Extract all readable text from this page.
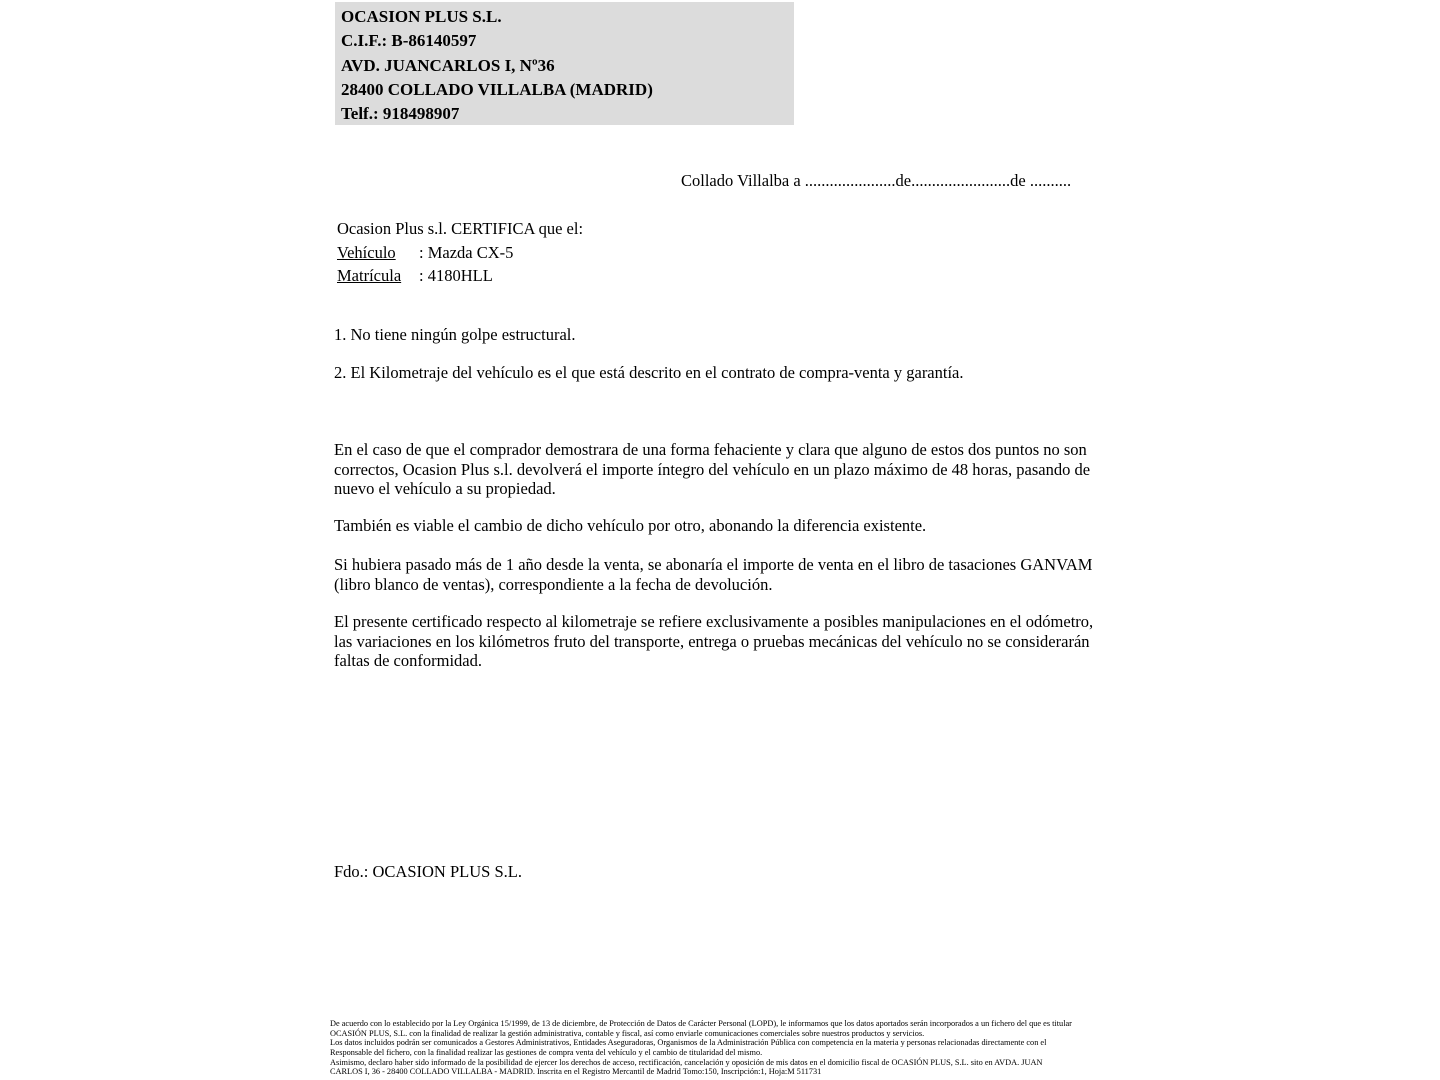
OCASION PLUS S.L.
C.I.F.: B-86140597
AVD. JUANCARLOS I, Nº36
28400 COLLADO VILLALBA (MADRID)
Telf.: 918498907
Collado Villalba a ......................de........................de ..........
Ocasion Plus s.l. CERTIFICA que el:
Vehículo : Mazda CX-5
Matrícula : 4180HLL
1. No tiene ningún golpe estructural.
2. El Kilometraje del vehículo es el que está descrito en el contrato de compra-venta y garantía.
En el caso de que el comprador demostrara de una forma fehaciente y clara que alguno de estos dos puntos no son correctos, Ocasion Plus s.l. devolverá el importe íntegro del vehículo en un plazo máximo de 48 horas, pasando de nuevo el vehículo a su propiedad.
También es viable el cambio de dicho vehículo por otro, abonando la diferencia existente.
Si hubiera pasado más de 1 año desde la venta, se abonaría el importe de venta en el libro de tasaciones GANVAM (libro blanco de ventas), correspondiente a la fecha de devolución.
El presente certificado respecto al kilometraje se refiere exclusivamente a posibles manipulaciones en el odómetro, las variaciones en los kilómetros fruto del transporte, entrega o pruebas mecánicas del vehículo no se considerarán faltas de conformidad.
Fdo.: OCASION PLUS S.L.
De acuerdo con lo establecido por la Ley Orgánica 15/1999, de 13 de diciembre, de Protección de Datos de Carácter Personal (LOPD), le informamos que los datos aportados serán incorporados a un fichero del que es titular
OCASIÓN PLUS, S.L. con la finalidad de realizar la gestión administrativa, contable y fiscal, así como enviarle comunicaciones comerciales sobre nuestros productos y servicios.
Los datos incluidos podrán ser comunicados a Gestores Administrativos, Entidades Aseguradoras, Organismos de la Administración Pública con competencia en la materia y personas relacionadas directamente con el
Responsable del fichero, con la finalidad realizar las gestiones de compra venta del vehículo y el cambio de titularidad del mismo.
Asimismo, declaro haber sido informado de la posibilidad de ejercer los derechos de acceso, rectificación, cancelación y oposición de mis datos en el domicilio fiscal de OCASIÓN PLUS, S.L. sito en AVDA. JUAN
CARLOS I, 36 - 28400 COLLADO VILLALBA - MADRID. Inscrita en el Registro Mercantil de Madrid Tomo:150, Inscripción:1, Hoja:M 511731
